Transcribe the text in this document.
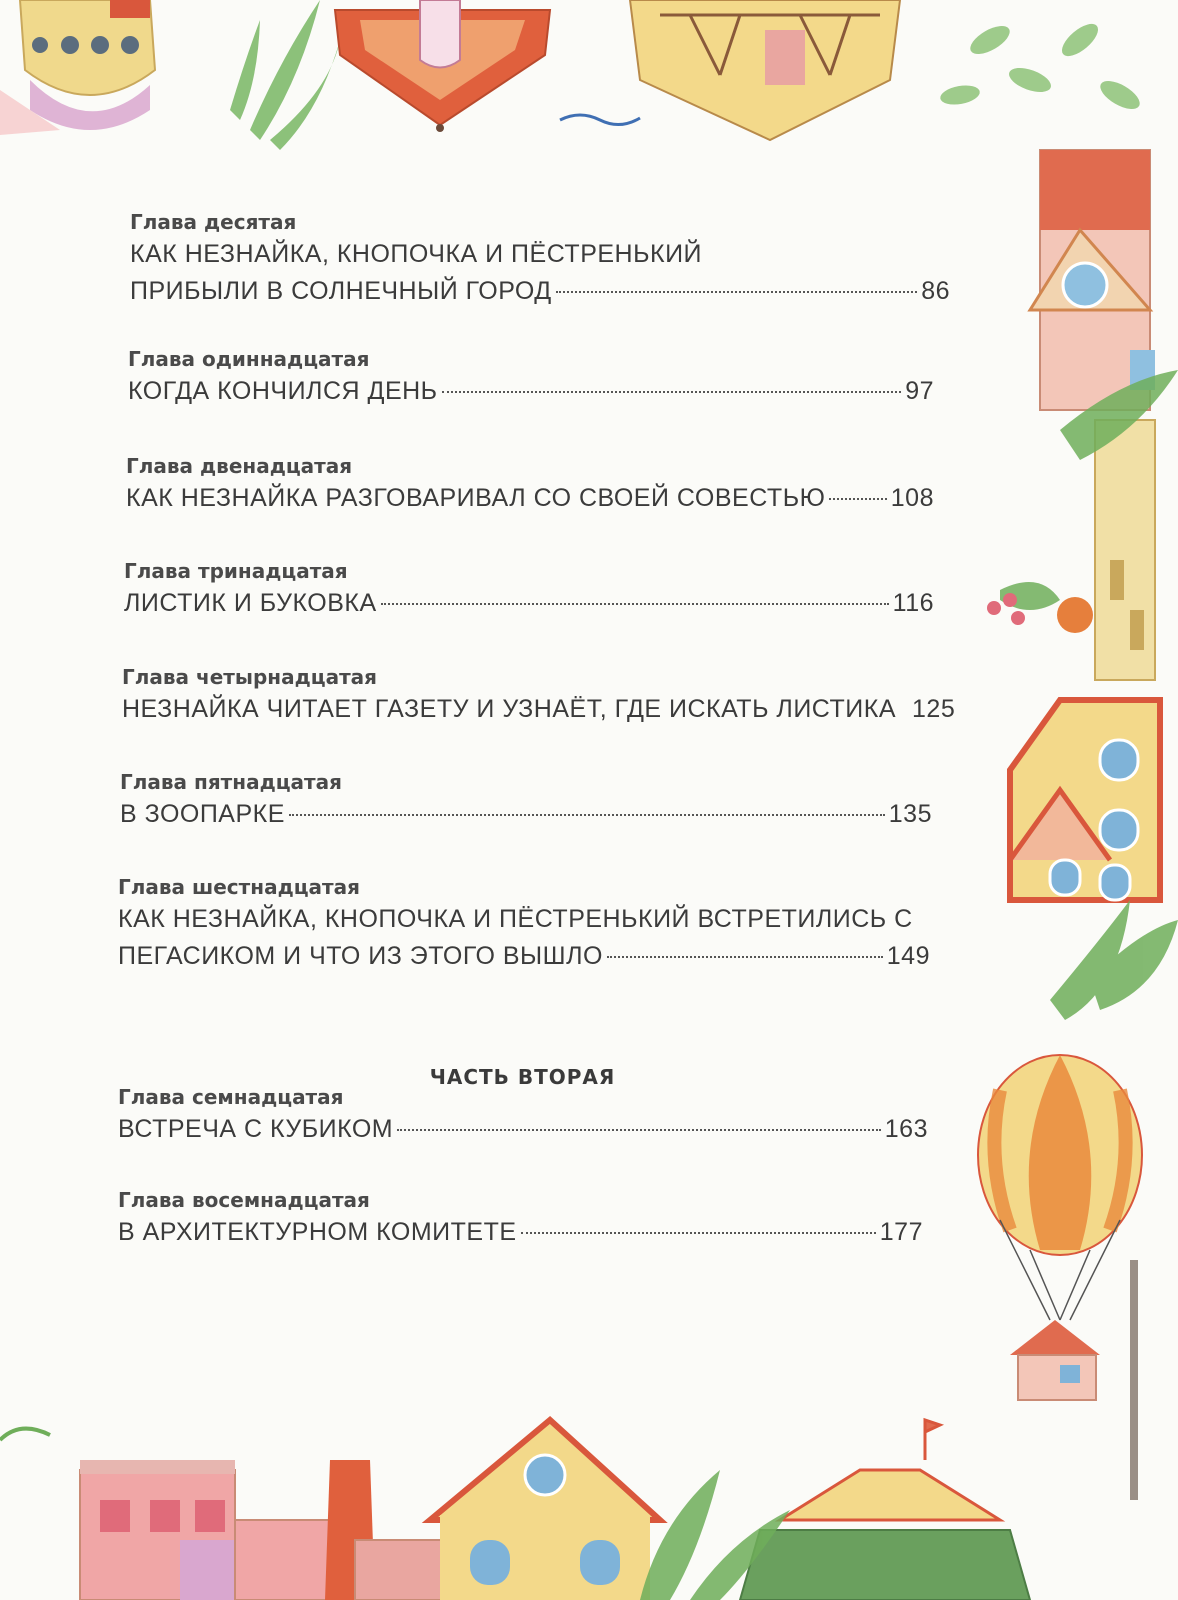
Глава десятая
КАК НЕЗНАЙКА, КНОПОЧКА И ПЁСТРЕНЬКИЙ
ПРИБЫЛИ В СОЛНЕЧНЫЙ ГОРОД	86
Глава одиннадцатая
КОГДА КОНЧИЛСЯ ДЕНЬ	97
Глава двенадцатая
КАК НЕЗНАЙКА РАЗГОВАРИВАЛ СО СВОЕЙ СОВЕСТЬЮ	108
Глава тринадцатая
ЛИСТИК И БУКОВКА	116
Глава четырнадцатая
НЕЗНАЙКА ЧИТАЕТ ГАЗЕТУ И УЗНАЁТ, ГДЕ ИСКАТЬ ЛИСТИКА 125
Глава пятнадцатая
В ЗООПАРКЕ	135
Глава шестнадцатая
КАК НЕЗНАЙКА, КНОПОЧКА И ПЁСТРЕНЬКИЙ ВСТРЕТИЛИСЬ С
ПЕГАСИКОМ И ЧТО ИЗ ЭТОГО ВЫШЛО	149
ЧАСТЬ ВТОРАЯ
Глава семнадцатая
ВСТРЕЧА С КУБИКОМ	163
Глава восемнадцатая
В АРХИТЕКТУРНОМ КОМИТЕТЕ	177
